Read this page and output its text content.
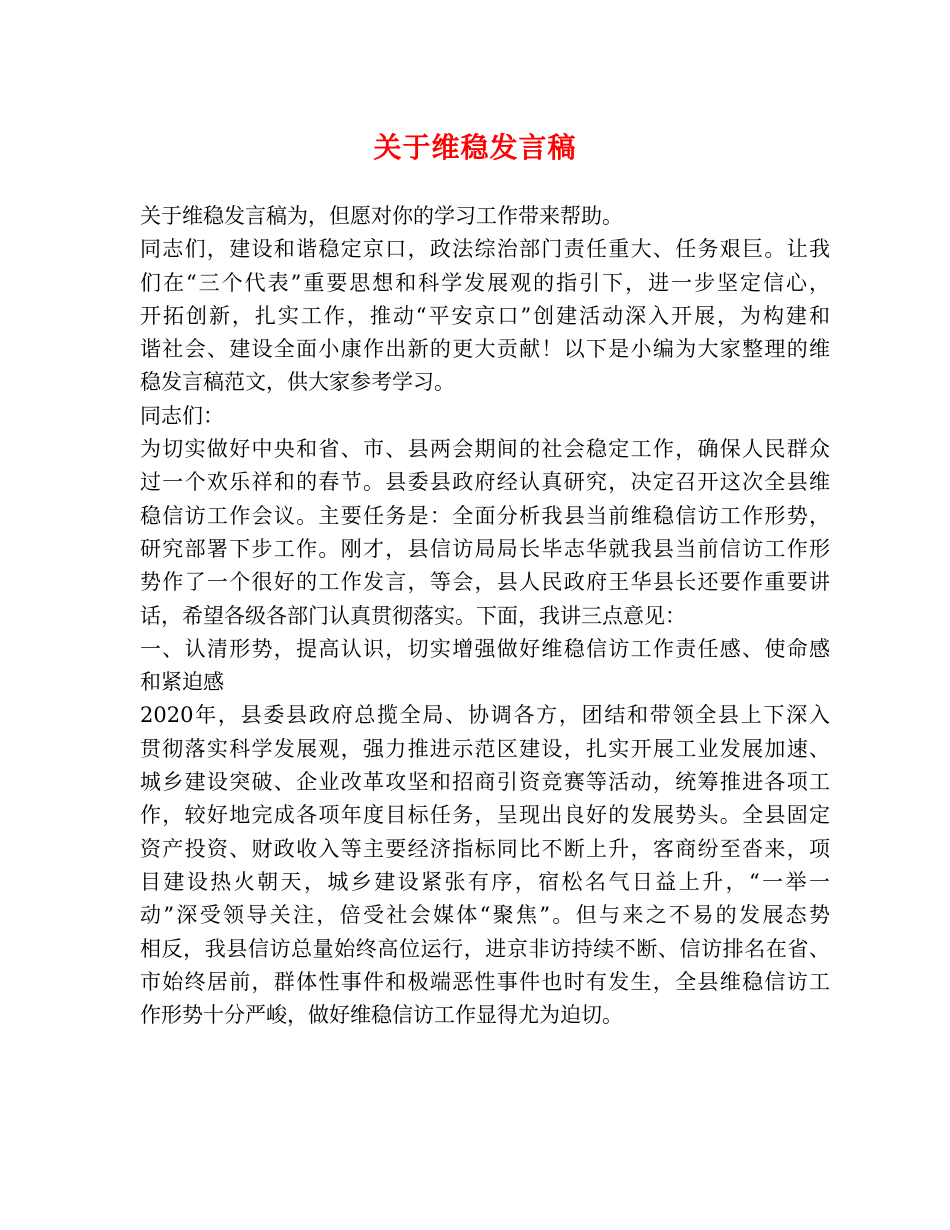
关于维稳发言稿
关于维稳发言稿为，但愿对你的学习工作带来帮助。
同志们，建设和谐稳定京口，政法综治部门责任重大、任务艰巨。让我
们在“三个代表”重要思想和科学发展观的指引下，进一步坚定信心，
开拓创新，扎实工作，推动“平安京口”创建活动深入开展，为构建和
谐社会、建设全面小康作出新的更大贡献！以下是小编为大家整理的维
稳发言稿范文，供大家参考学习。
同志们：
为切实做好中央和省、市、县两会期间的社会稳定工作，确保人民群众
过一个欢乐祥和的春节。县委县政府经认真研究，决定召开这次全县维
稳信访工作会议。主要任务是：全面分析我县当前维稳信访工作形势，
研究部署下步工作。刚才，县信访局局长毕志华就我县当前信访工作形
势作了一个很好的工作发言，等会，县人民政府王华县长还要作重要讲
话，希望各级各部门认真贯彻落实。下面，我讲三点意见：
一、认清形势，提高认识，切实增强做好维稳信访工作责任感、使命感
和紧迫感
2020年，县委县政府总揽全局、协调各方，团结和带领全县上下深入
贯彻落实科学发展观，强力推进示范区建设，扎实开展工业发展加速、
城乡建设突破、企业改革攻坚和招商引资竞赛等活动，统筹推进各项工
作，较好地完成各项年度目标任务，呈现出良好的发展势头。全县固定
资产投资、财政收入等主要经济指标同比不断上升，客商纷至沓来，项
目建设热火朝天，城乡建设紧张有序，宿松名气日益上升，“一举一
动”深受领导关注，倍受社会媒体“聚焦”。但与来之不易的发展态势
相反，我县信访总量始终高位运行，进京非访持续不断、信访排名在省、
市始终居前，群体性事件和极端恶性事件也时有发生，全县维稳信访工
作形势十分严峻，做好维稳信访工作显得尤为迫切。
